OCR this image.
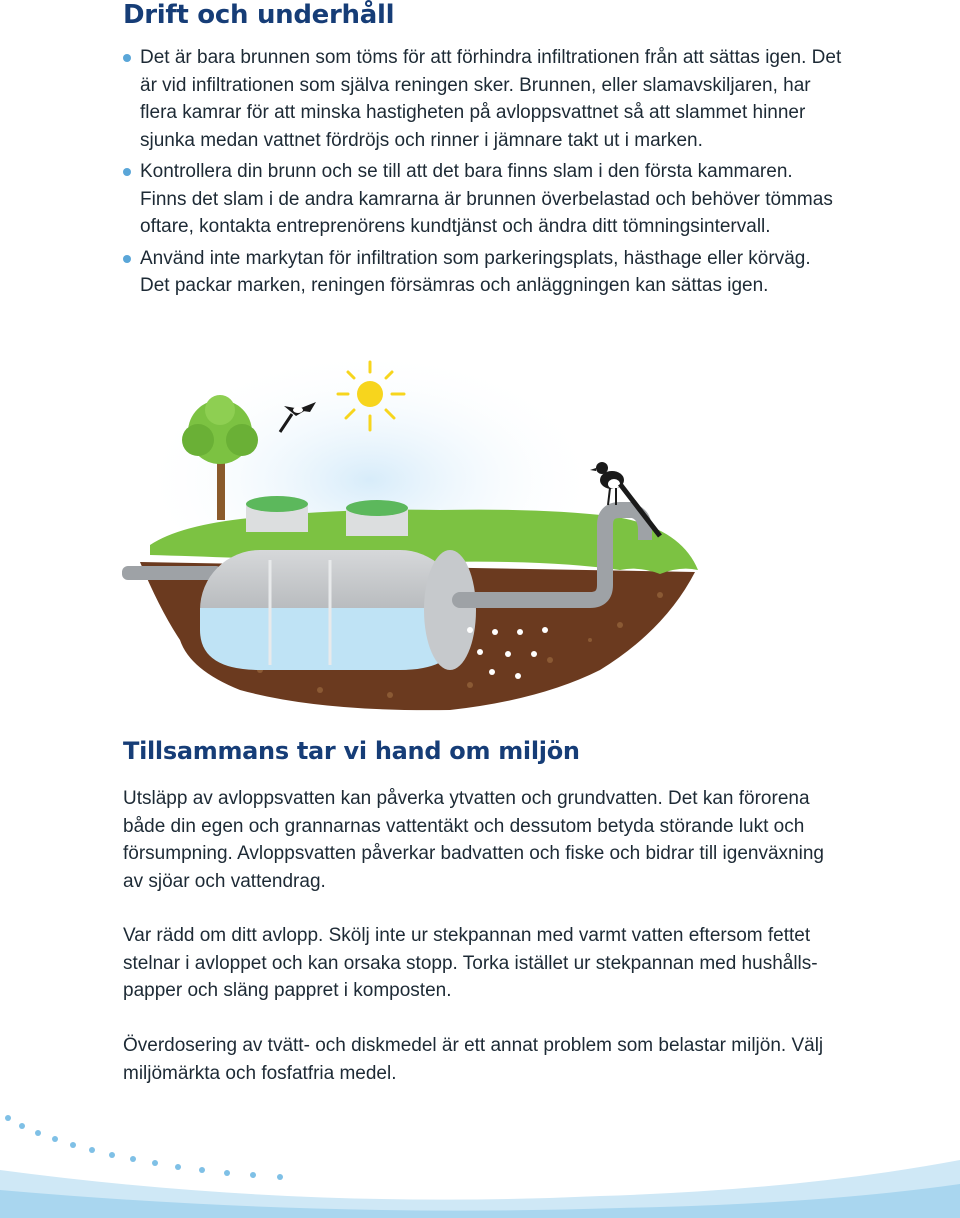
Drift och underhåll
Det är bara brunnen som töms för att förhindra infiltrationen från att sättas igen. Det är vid infiltrationen som själva reningen sker. Brunnen, eller slamavskiljaren, har flera kamrar för att minska hastigheten på avloppsvattnet så att slammet hinner sjunka medan vattnet fördröjs och rinner i jämnare takt ut i marken.
Kontrollera din brunn och se till att det bara finns slam i den första kammaren. Finns det slam i de andra kamrarna är brunnen överbelastad och behöver tömmas oftare, kontakta entreprenörens kundtjänst och ändra ditt tömningsintervall.
Använd inte markytan för infiltration som parkeringsplats, hästhage eller körväg. Det packar marken, reningen försämras och anläggningen kan sättas igen.
Tillsammans tar vi hand om miljön

Utsläpp av avloppsvatten kan påverka ytvatten och grundvatten. Det kan förorena både din egen och grannarnas vattentäkt och dessutom betyda störande lukt och försumpning. Avloppsvatten påverkar badvatten och fiske och bidrar till igenväxning av sjöar och vattendrag.

Var rädd om ditt avlopp. Skölj inte ur stekpannan med varmt vatten eftersom fettet stelnar i avloppet och kan orsaka stopp. Torka istället ur stekpannan med hushålls-papper och släng pappret i komposten.

Överdosering av tvätt- och diskmedel är ett annat problem som belastar miljön. Välj miljömärkta och fosfatfria medel.
